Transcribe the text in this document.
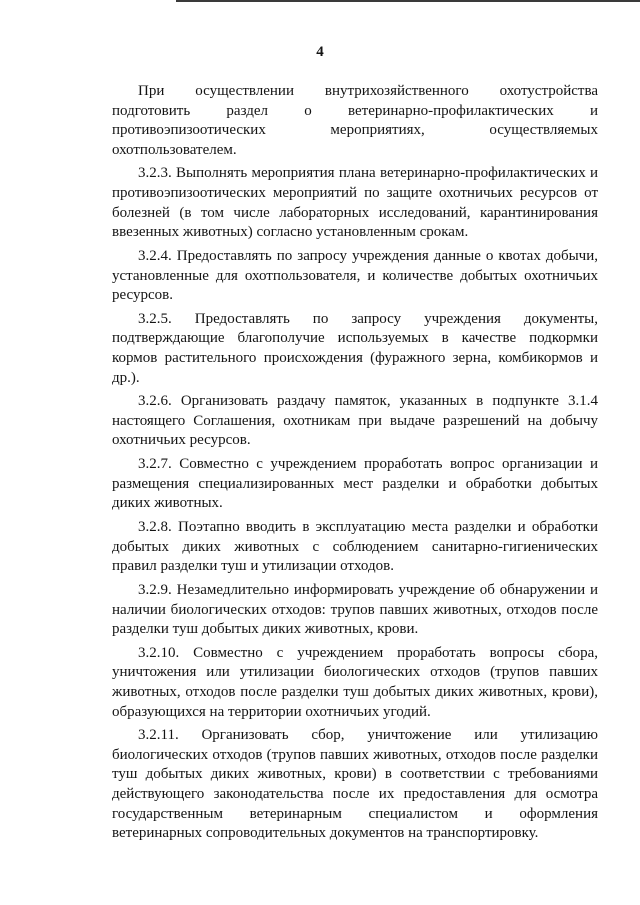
4

При осуществлении внутрихозяйственного охотустройства подготовить раздел о ветеринарно-профилактических и противоэпизоотических мероприятиях, осуществляемых охотпользователем.

3.2.3. Выполнять мероприятия плана ветеринарно-профилактических и противоэпизоотических мероприятий по защите охотничьих ресурсов от болезней (в том числе лабораторных исследований, карантинирования ввезенных животных) согласно установленным срокам.

3.2.4. Предоставлять по запросу учреждения данные о квотах добычи, установленные для охотпользователя, и количестве добытых охотничьих ресурсов.

3.2.5. Предоставлять по запросу учреждения документы, подтверждающие благополучие используемых в качестве подкормки кормов растительного происхождения (фуражного зерна, комбикормов и др.).

3.2.6. Организовать раздачу памяток, указанных в подпункте 3.1.4 настоящего Соглашения, охотникам при выдаче разрешений на добычу охотничьих ресурсов.

3.2.7. Совместно с учреждением проработать вопрос организации и размещения специализированных мест разделки и обработки добытых диких животных.

3.2.8. Поэтапно вводить в эксплуатацию места разделки и обработки добытых диких животных с соблюдением санитарно-гигиенических правил разделки туш и утилизации отходов.

3.2.9. Незамедлительно информировать учреждение об обнаружении и наличии биологических отходов: трупов павших животных, отходов после разделки туш добытых диких животных, крови.

3.2.10. Совместно с учреждением проработать вопросы сбора, уничтожения или утилизации биологических отходов (трупов павших животных, отходов после разделки туш добытых диких животных, крови), образующихся на территории охотничьих угодий.

3.2.11. Организовать сбор, уничтожение или утилизацию биологических отходов (трупов павших животных, отходов после разделки туш добытых диких животных, крови) в соответствии с требованиями действующего законодательства после их предоставления для осмотра государственным ветеринарным специалистом и оформления ветеринарных сопроводительных документов на транспортировку.
